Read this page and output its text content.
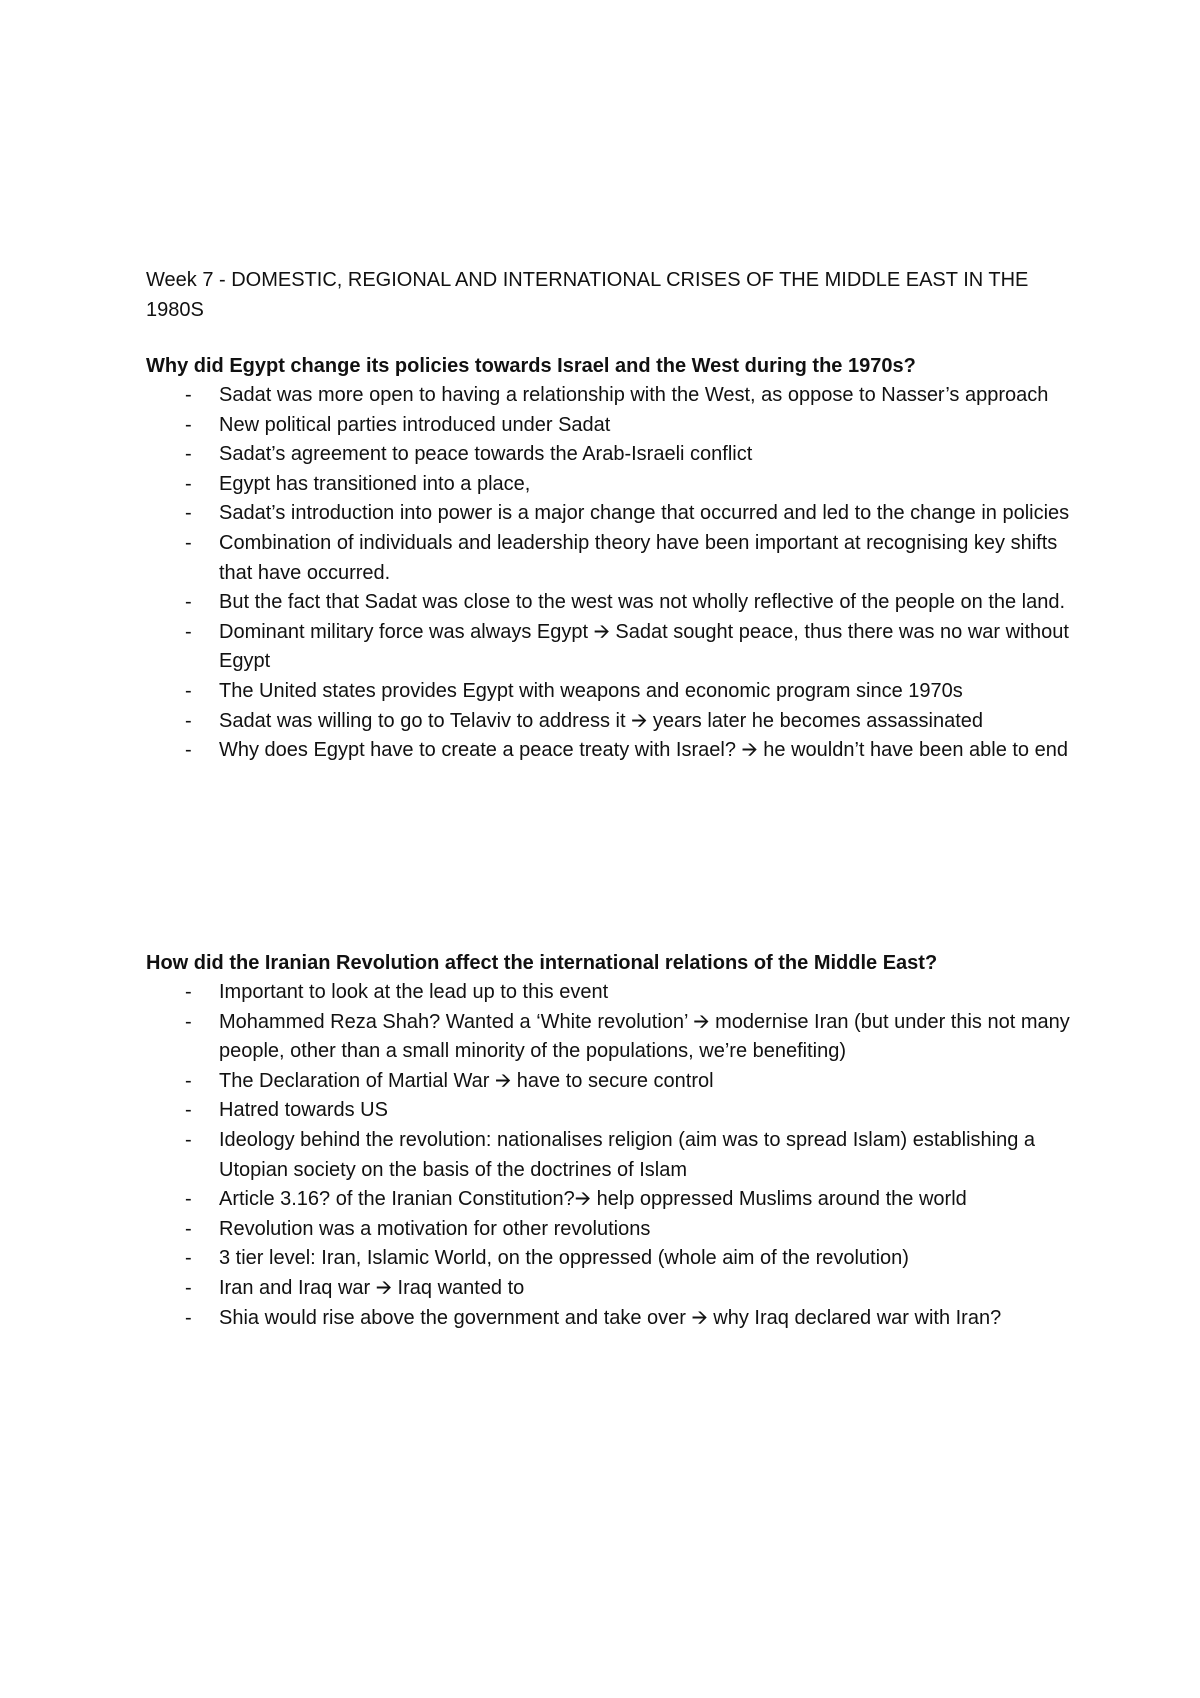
Week 7 - DOMESTIC, REGIONAL AND INTERNATIONAL CRISES OF THE MIDDLE EAST IN THE 1980S

Why did Egypt change its policies towards Israel and the West during the 1970s?

- Sadat was more open to having a relationship with the West, as oppose to Nasser’s approach
- New political parties introduced under Sadat
- Sadat’s agreement to peace towards the Arab-Israeli conflict
- Egypt has transitioned into a place,
- Sadat’s introduction into power is a major change that occurred and led to the change in policies
- Combination of individuals and leadership theory have been important at recognising key shifts that have occurred.
- But the fact that Sadat was close to the west was not wholly reflective of the people on the land.
- Dominant military force was always Egypt 🡪 Sadat sought peace, thus there was no war without Egypt
- The United states provides Egypt with weapons and economic program since 1970s
- Sadat was willing to go to Telaviv to address it 🡪 years later he becomes assassinated
- Why does Egypt have to create a peace treaty with Israel? 🡪 he wouldn’t have been able to end

How did the Iranian Revolution affect the international relations of the Middle East?

- Important to look at the lead up to this event
- Mohammed Reza Shah? Wanted a ‘White revolution’ 🡪 modernise Iran (but under this not many people, other than a small minority of the populations, we’re benefiting)
- The Declaration of Martial War 🡪 have to secure control
- Hatred towards US
- Ideology behind the revolution: nationalises religion (aim was to spread Islam) establishing a Utopian society on the basis of the doctrines of Islam
- Article 3.16? of the Iranian Constitution?🡪 help oppressed Muslims around the world
- Revolution was a motivation for other revolutions
- 3 tier level: Iran, Islamic World, on the oppressed (whole aim of the revolution)
- Iran and Iraq war 🡪 Iraq wanted to
- Shia would rise above the government and take over 🡪 why Iraq declared war with Iran?
